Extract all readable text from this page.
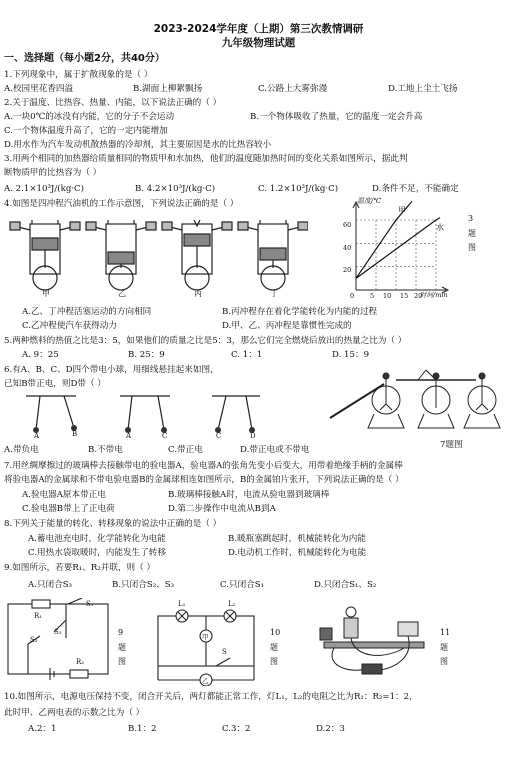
2023-2024学年度（上期）第三次教情调研
九年级物理试题
一、选择题（每小题2分，共40分）
1.下列现象中，属于扩散现象的是（ ）
A.校园里花香四溢	B.湖面上柳絮飘扬	C.公路上大雾弥漫	D.工地上尘土飞扬
2.关于温度、比热容、热量、内能，以下说法正确的（ ）
A.一块0℃的冰没有内能，它的分子不会运动	B.一个物体吸收了热量，它的温度一定会升高
C.一个物体温度升高了，它的一定内能增加
D.用水作为汽车发动机散热器的冷却剂，其主要原因是水的比热容较小
3.用两个相同的加热器给质量相同的物质甲和水加热，他们的温度随加热时间的变化关系如图所示，据此判
断物质甲的比热容为（ ）
A. 2.1×10³J/(kg·C)	B. 4.2×10³J/(kg·C)	C. 1.2×10³J/(kg·C)	D.条件不足，不能确定
4.如图是四冲程汽油机的工作示意图，下列说法正确的是（ ）
甲	乙	丙	丁
温度/℃
时间/min
甲
水
60
40
20
0 5 10 15 20
3
题
图
A.乙、丁冲程活塞运动的方向相同	B.丙冲程存在着化学能转化为内能的过程
C.乙冲程使汽车获得动力	D.甲、乙、丙冲程是靠惯性完成的
5.两种燃料的热值之比是3：5，如果他们的质量之比是5：3，那么它们完全燃烧后放出的热量之比为（ ）
A. 9：25	B. 25：9	C. 1：1	D. 15：9
6.有A、B、C、D四个带电小球，用细线悬挂起来如图，
已知B带正电，则D带（ ）
A	B	A	C	C	D
7题图
A.带负电	B.不带电	C.带正电	D.带正电或不带电
7.用丝绸摩擦过的玻璃棒去接触带电的验电器A，验电器A的张角先变小后变大，用带着绝缘手柄的金属棒
将验电器A的金属球和不带电验电器B的金属球相连如图所示，B的金属铂片张开，下列说法正确的是（ ）
A.验电器A原本带正电	B.玻璃棒接触A时，电流从验电器到玻璃棒
C.验电器B带上了正电荷	D.第二步操作中电流从B到A
8.下列关于能量的转化、转移现象的说法中正确的是（ ）
A.蓄电池充电时，化学能转化为电能	B.暖瓶塞跳起时，机械能转化为内能
C.用热水袋取暖时，内能发生了转移	D.电动机工作时，机械能转化为电能
9.如图所示，若要R₁、R₂并联，则（ ）
A.只闭合S₃	B.只闭合S₂、S₃	C.只闭合S₁	D.只闭合S₁、S₂
R₁
S₁
S₃
S₂
R₂
9
题
图
L₁	L₂
甲
S
乙
10
题
图
11
题
图
10.如图所示，电源电压保持不变，闭合开关后，两灯都能正常工作，灯L₁，L₂的电阻之比为R₁：R₂=1：2，
此时甲、乙两电表的示数之比为（ ）
A.2：1	B.1：2	C.3：2	D.2：3
